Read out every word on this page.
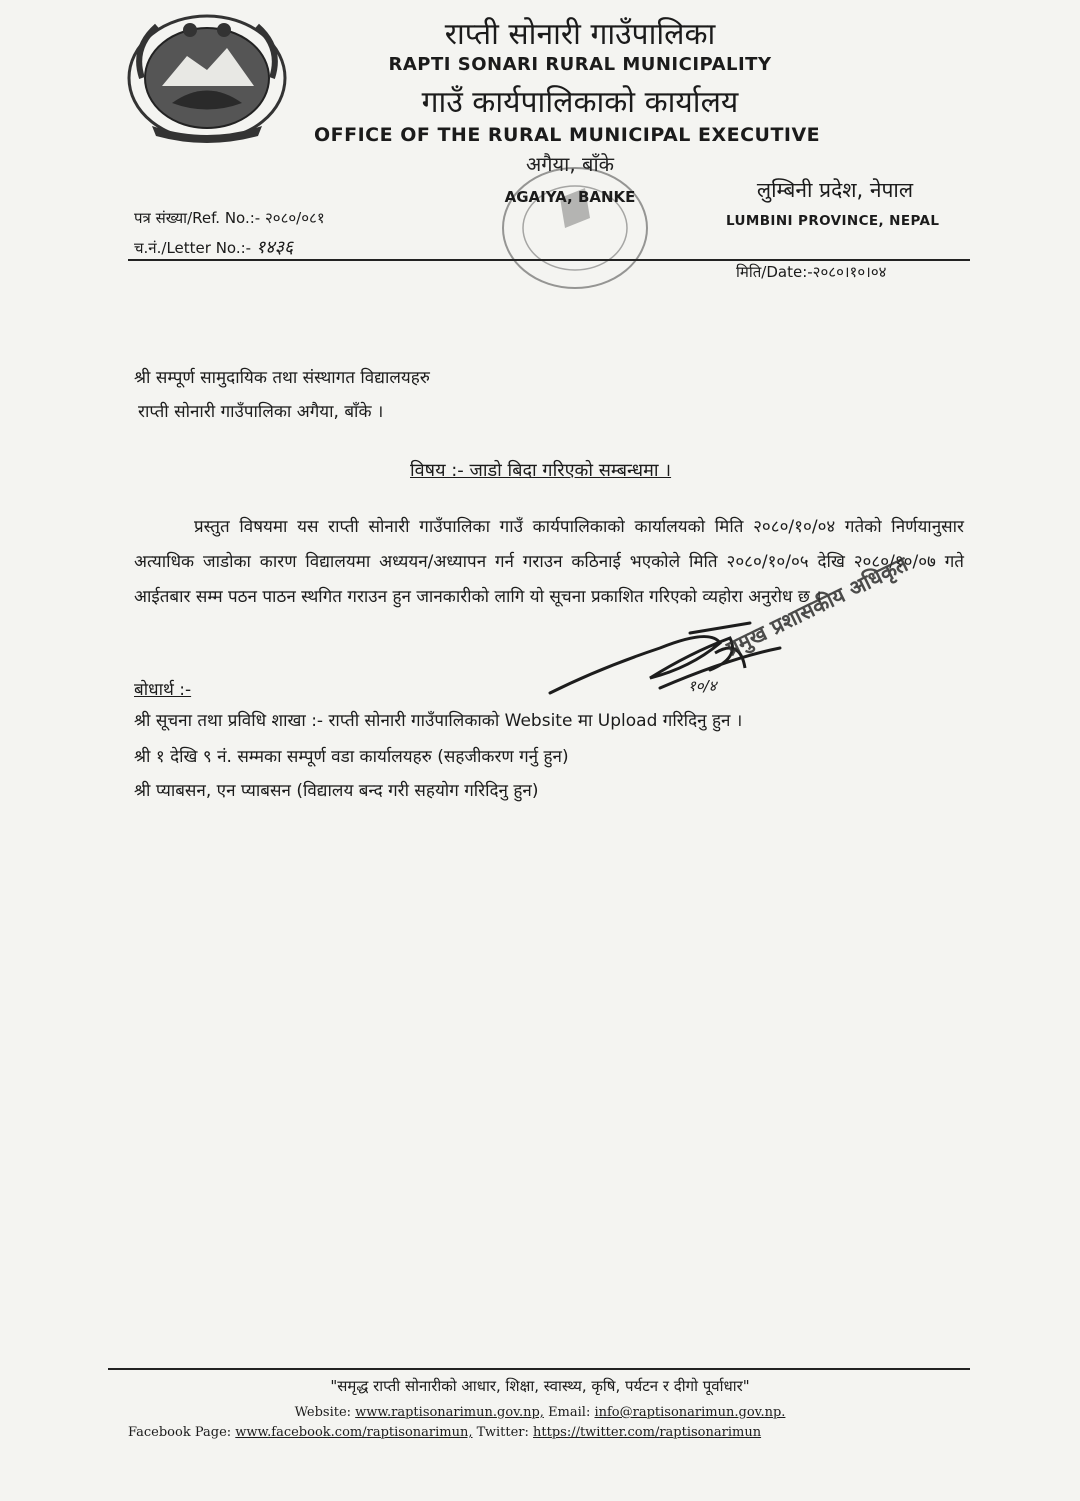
राप्ती सोनारी गाउँपालिका
RAPTI SONARI RURAL MUNICIPALITY
गाउँ कार्यपालिकाको कार्यालय
OFFICE OF THE RURAL MUNICIPAL EXECUTIVE
अगैया, बाँके
AGAIYA, BANKE	लुम्बिनी प्रदेश, नेपाल
LUMBINI PROVINCE, NEPAL
पत्र संख्या/Ref. No.:- २०८०/०८१
च.नं./Letter No.:- १४३६
मिति/Date:-२०८०।१०।०४
श्री सम्पूर्ण सामुदायिक तथा संस्थागत विद्यालयहरु
राप्ती सोनारी गाउँपालिका अगैया, बाँके ।
विषय :- जाडो बिदा गरिएको सम्बन्धमा ।
प्रस्तुत विषयमा यस राप्ती सोनारी गाउँपालिका गाउँ कार्यपालिकाको कार्यालयको मिति २०८०/१०/०४ गतेको निर्णयानुसार अत्याधिक जाडोका कारण विद्यालयमा अध्ययन/अध्यापन गर्न गराउन कठिनाई भएकोले मिति २०८०/१०/०५ देखि २०८०/१०/०७ गते आईतबार सम्म पठन पाठन स्थगित गराउन हुन जानकारीको लागि यो सूचना प्रकाशित गरिएको व्यहोरा अनुरोध छ ।
१०/४
प्रमुख प्रशासकीय अधिकृत
बोधार्थ :-
श्री सूचना तथा प्रविधि शाखा :- राप्ती सोनारी गाउँपालिकाको Website मा Upload गरिदिनु हुन ।
श्री १ देखि ९ नं. सम्मका सम्पूर्ण वडा कार्यालयहरु (सहजीकरण गर्नु हुन)
श्री प्याबसन, एन प्याबसन (विद्यालय बन्द गरी सहयोग गरिदिनु हुन)
"समृद्ध राप्ती सोनारीको आधार, शिक्षा, स्वास्थ्य, कृषि, पर्यटन र दीगो पूर्वाधार"
Website: www.raptisonarimun.gov.np, Email: info@raptisonarimun.gov.np.
Facebook Page: www.facebook.com/raptisonarimun, Twitter: https://twitter.com/raptisonarimun
